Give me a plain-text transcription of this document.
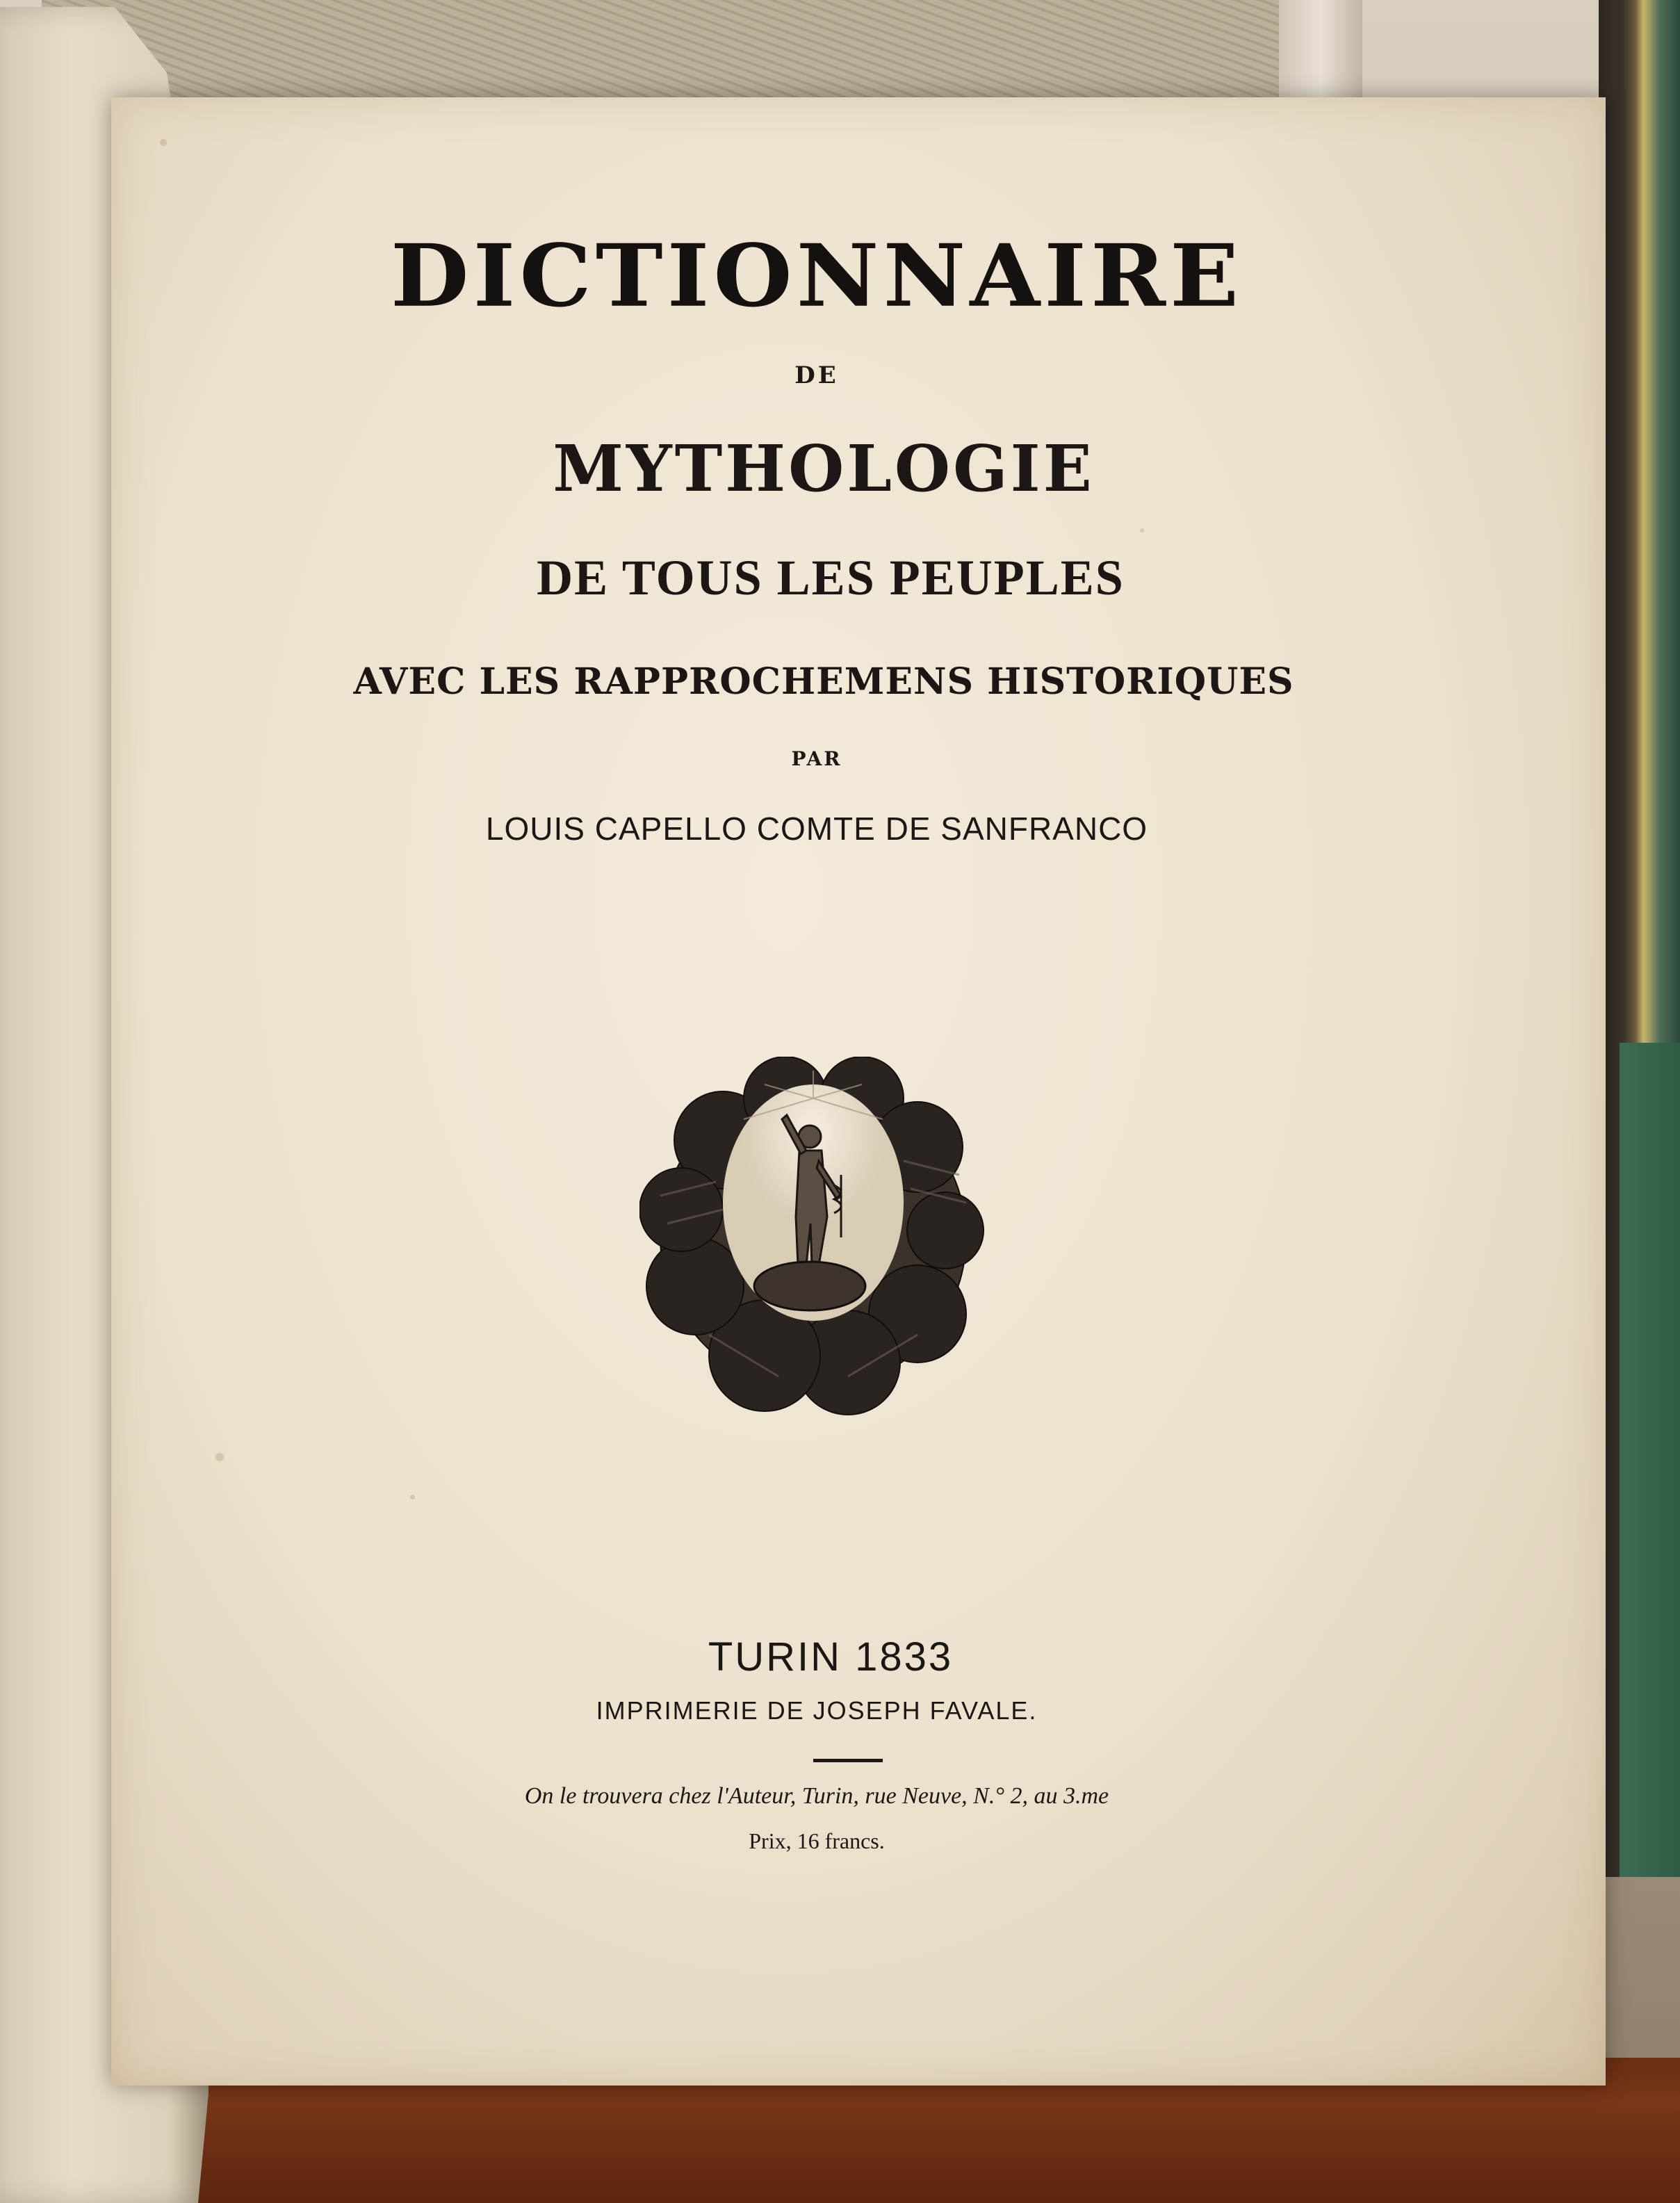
DICTIONNAIRE

DE

MYTHOLOGIE

DE TOUS LES PEUPLES

AVEC LES RAPPROCHEMENS HISTORIQUES

PAR

LOUIS CAPELLO COMTE DE SANFRANCO

TURIN 1833

IMPRIMERIE DE JOSEPH FAVALE.

On le trouvera chez l'Auteur, Turin, rue Neuve, N.° 2, au 3.me

Prix, 16 francs.
